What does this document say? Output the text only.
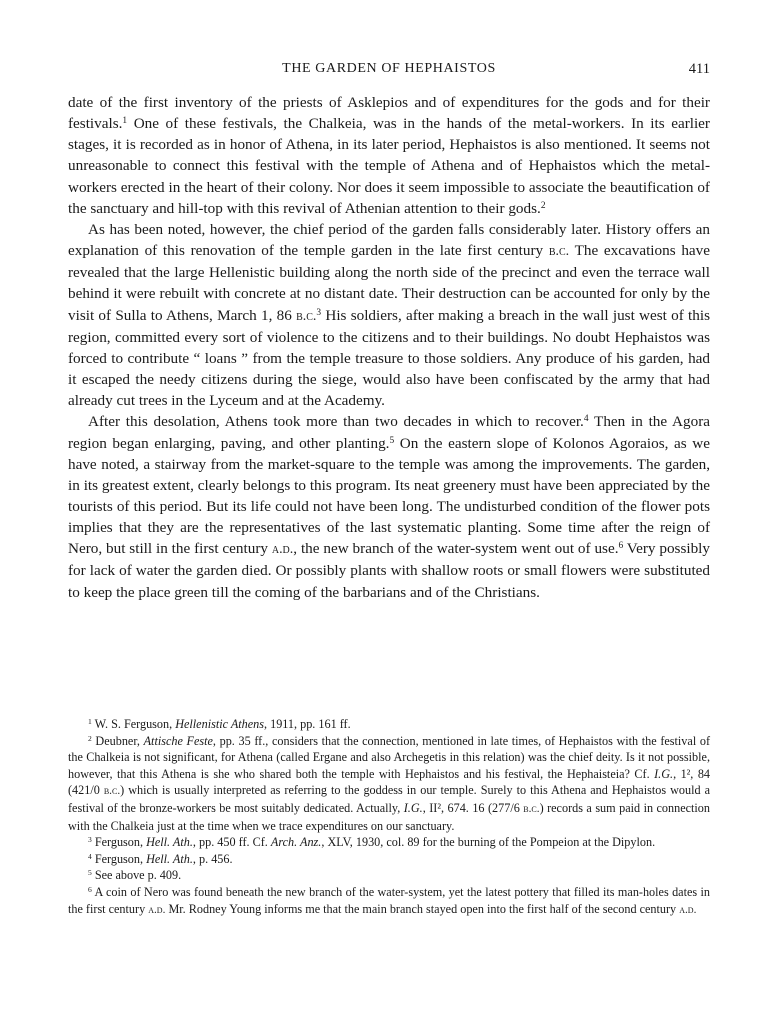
THE GARDEN OF HEPHAISTOS	411

date of the first inventory of the priests of Asklepios and of expenditures for the gods and for their festivals.$^1$ One of these festivals, the Chalkeia, was in the hands of the metal-workers. In its earlier stages, it is recorded as in honor of Athena, in its later period, Hephaistos is also mentioned. It seems not unreasonable to connect this festival with the temple of Athena and of Hephaistos which the metal-workers erected in the heart of their colony. Nor does it seem impossible to associate the beautification of the sanctuary and hill-top with this revival of Athenian attention to their gods.$^2$

As has been noted, however, the chief period of the garden falls considerably later. History offers an explanation of this renovation of the temple garden in the late first century b.c. The excavations have revealed that the large Hellenistic building along the north side of the precinct and even the terrace wall behind it were rebuilt with concrete at no distant date. Their destruction can be accounted for only by the visit of Sulla to Athens, March 1, 86 b.c.$^3$ His soldiers, after making a breach in the wall just west of this region, committed every sort of violence to the citizens and to their buildings. No doubt Hephaistos was forced to contribute “ loans ” from the temple treasure to those soldiers. Any produce of his garden, had it escaped the needy citizens during the siege, would also have been confiscated by the army that had already cut trees in the Lyceum and at the Academy.

After this desolation, Athens took more than two decades in which to recover.$^4$ Then in the Agora region began enlarging, paving, and other planting.$^5$ On the eastern slope of Kolonos Agoraios, as we have noted, a stairway from the market-square to the temple was among the improvements. The garden, in its greatest extent, clearly belongs to this program. Its neat greenery must have been appreciated by the tourists of this period. But its life could not have been long. The undisturbed condition of the flower pots implies that they are the representatives of the last systematic planting. Some time after the reign of Nero, but still in the first century a.d., the new branch of the water-system went out of use.$^6$ Very possibly for lack of water the garden died. Or possibly plants with shallow roots or small flowers were substituted to keep the place green till the coming of the barbarians and of the Christians.

$^1$ W. S. Ferguson, Hellenistic Athens, 1911, pp. 161 ff.

$^2$ Deubner, Attische Feste, pp. 35 ff., considers that the connection, mentioned in late times, of Hephaistos with the festival of the Chalkeia is not significant, for Athena (called Ergane and also Archegetis in this relation) was the chief deity. Is it not possible, however, that this Athena is she who shared both the temple with Hephaistos and his festival, the Hephaisteia? Cf. I.G., 1², 84 (421/0 b.c.) which is usually interpreted as referring to the goddess in our temple. Surely to this Athena and Hephaistos would a festival of the bronze-workers be most suitably dedicated. Actually, I.G., II², 674. 16 (277/6 b.c.) records a sum paid in connection with the Chalkeia just at the time when we trace expenditures on our sanctuary.

$^3$ Ferguson, Hell. Ath., pp. 450 ff. Cf. Arch. Anz., XLV, 1930, col. 89 for the burning of the Pompeion at the Dipylon.

$^4$ Ferguson, Hell. Ath., p. 456.

$^5$ See above p. 409.

$^6$ A coin of Nero was found beneath the new branch of the water-system, yet the latest pottery that filled its man-holes dates in the first century a.d. Mr. Rodney Young informs me that the main branch stayed open into the first half of the second century a.d.
